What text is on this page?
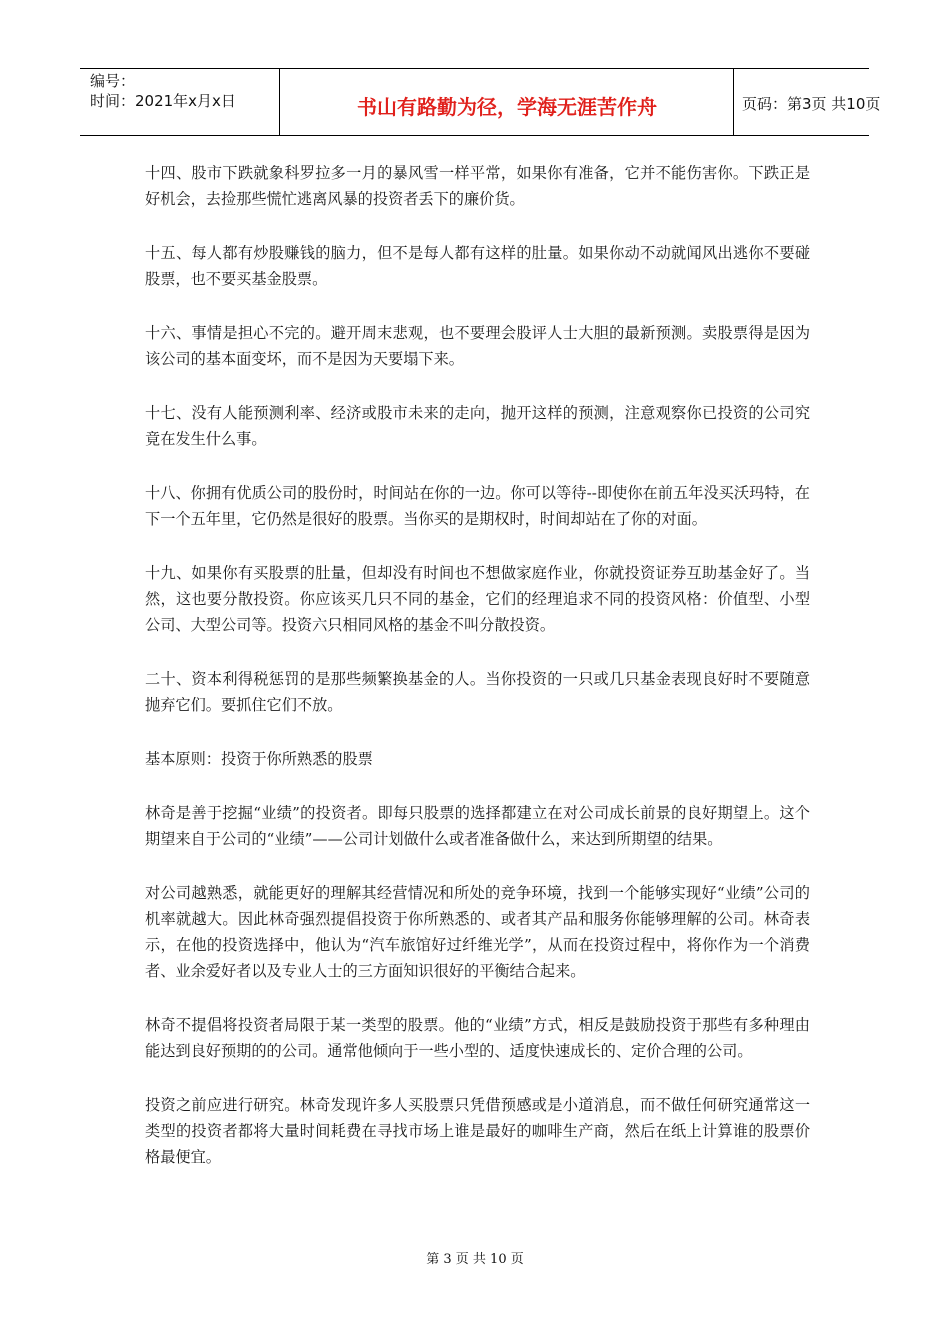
编号：
时间：2021年x月x日	书山有路勤为径，学海无涯苦作舟	页码：第3页 共10页

十四、股市下跌就象科罗拉多一月的暴风雪一样平常，如果你有准备，它并不能伤害你。下跌正是好机会，去捡那些慌忙逃离风暴的投资者丢下的廉价货。

十五、每人都有炒股赚钱的脑力，但不是每人都有这样的肚量。如果你动不动就闻风出逃你不要碰股票，也不要买基金股票。

十六、事情是担心不完的。避开周末悲观，也不要理会股评人士大胆的最新预测。卖股票得是因为该公司的基本面变坏，而不是因为天要塌下来。

十七、没有人能预测利率、经济或股市未来的走向，抛开这样的预测，注意观察你已投资的公司究竟在发生什么事。

十八、你拥有优质公司的股份时，时间站在你的一边。你可以等待--即使你在前五年没买沃玛特，在下一个五年里，它仍然是很好的股票。当你买的是期权时，时间却站在了你的对面。

十九、如果你有买股票的肚量，但却没有时间也不想做家庭作业，你就投资证券互助基金好了。当然，这也要分散投资。你应该买几只不同的基金，它们的经理追求不同的投资风格：价值型、小型公司、大型公司等。投资六只相同风格的基金不叫分散投资。

二十、资本利得税惩罚的是那些频繁换基金的人。当你投资的一只或几只基金表现良好时不要随意抛弃它们。要抓住它们不放。

基本原则：投资于你所熟悉的股票

林奇是善于挖掘“业绩”的投资者。即每只股票的选择都建立在对公司成长前景的良好期望上。这个期望来自于公司的“业绩”——公司计划做什么或者准备做什么，来达到所期望的结果。

对公司越熟悉，就能更好的理解其经营情况和所处的竞争环境，找到一个能够实现好“业绩”公司的机率就越大。因此林奇强烈提倡投资于你所熟悉的、或者其产品和服务你能够理解的公司。林奇表示，在他的投资选择中，他认为“汽车旅馆好过纤维光学”，从而在投资过程中，将你作为一个消费者、业余爱好者以及专业人士的三方面知识很好的平衡结合起来。

林奇不提倡将投资者局限于某一类型的股票。他的“业绩”方式，相反是鼓励投资于那些有多种理由能达到良好预期的的公司。通常他倾向于一些小型的、适度快速成长的、定价合理的公司。

投资之前应进行研究。林奇发现许多人买股票只凭借预感或是小道消息，而不做任何研究通常这一类型的投资者都将大量时间耗费在寻找市场上谁是最好的咖啡生产商，然后在纸上计算谁的股票价格最便宜。

第 3 页 共 10 页
